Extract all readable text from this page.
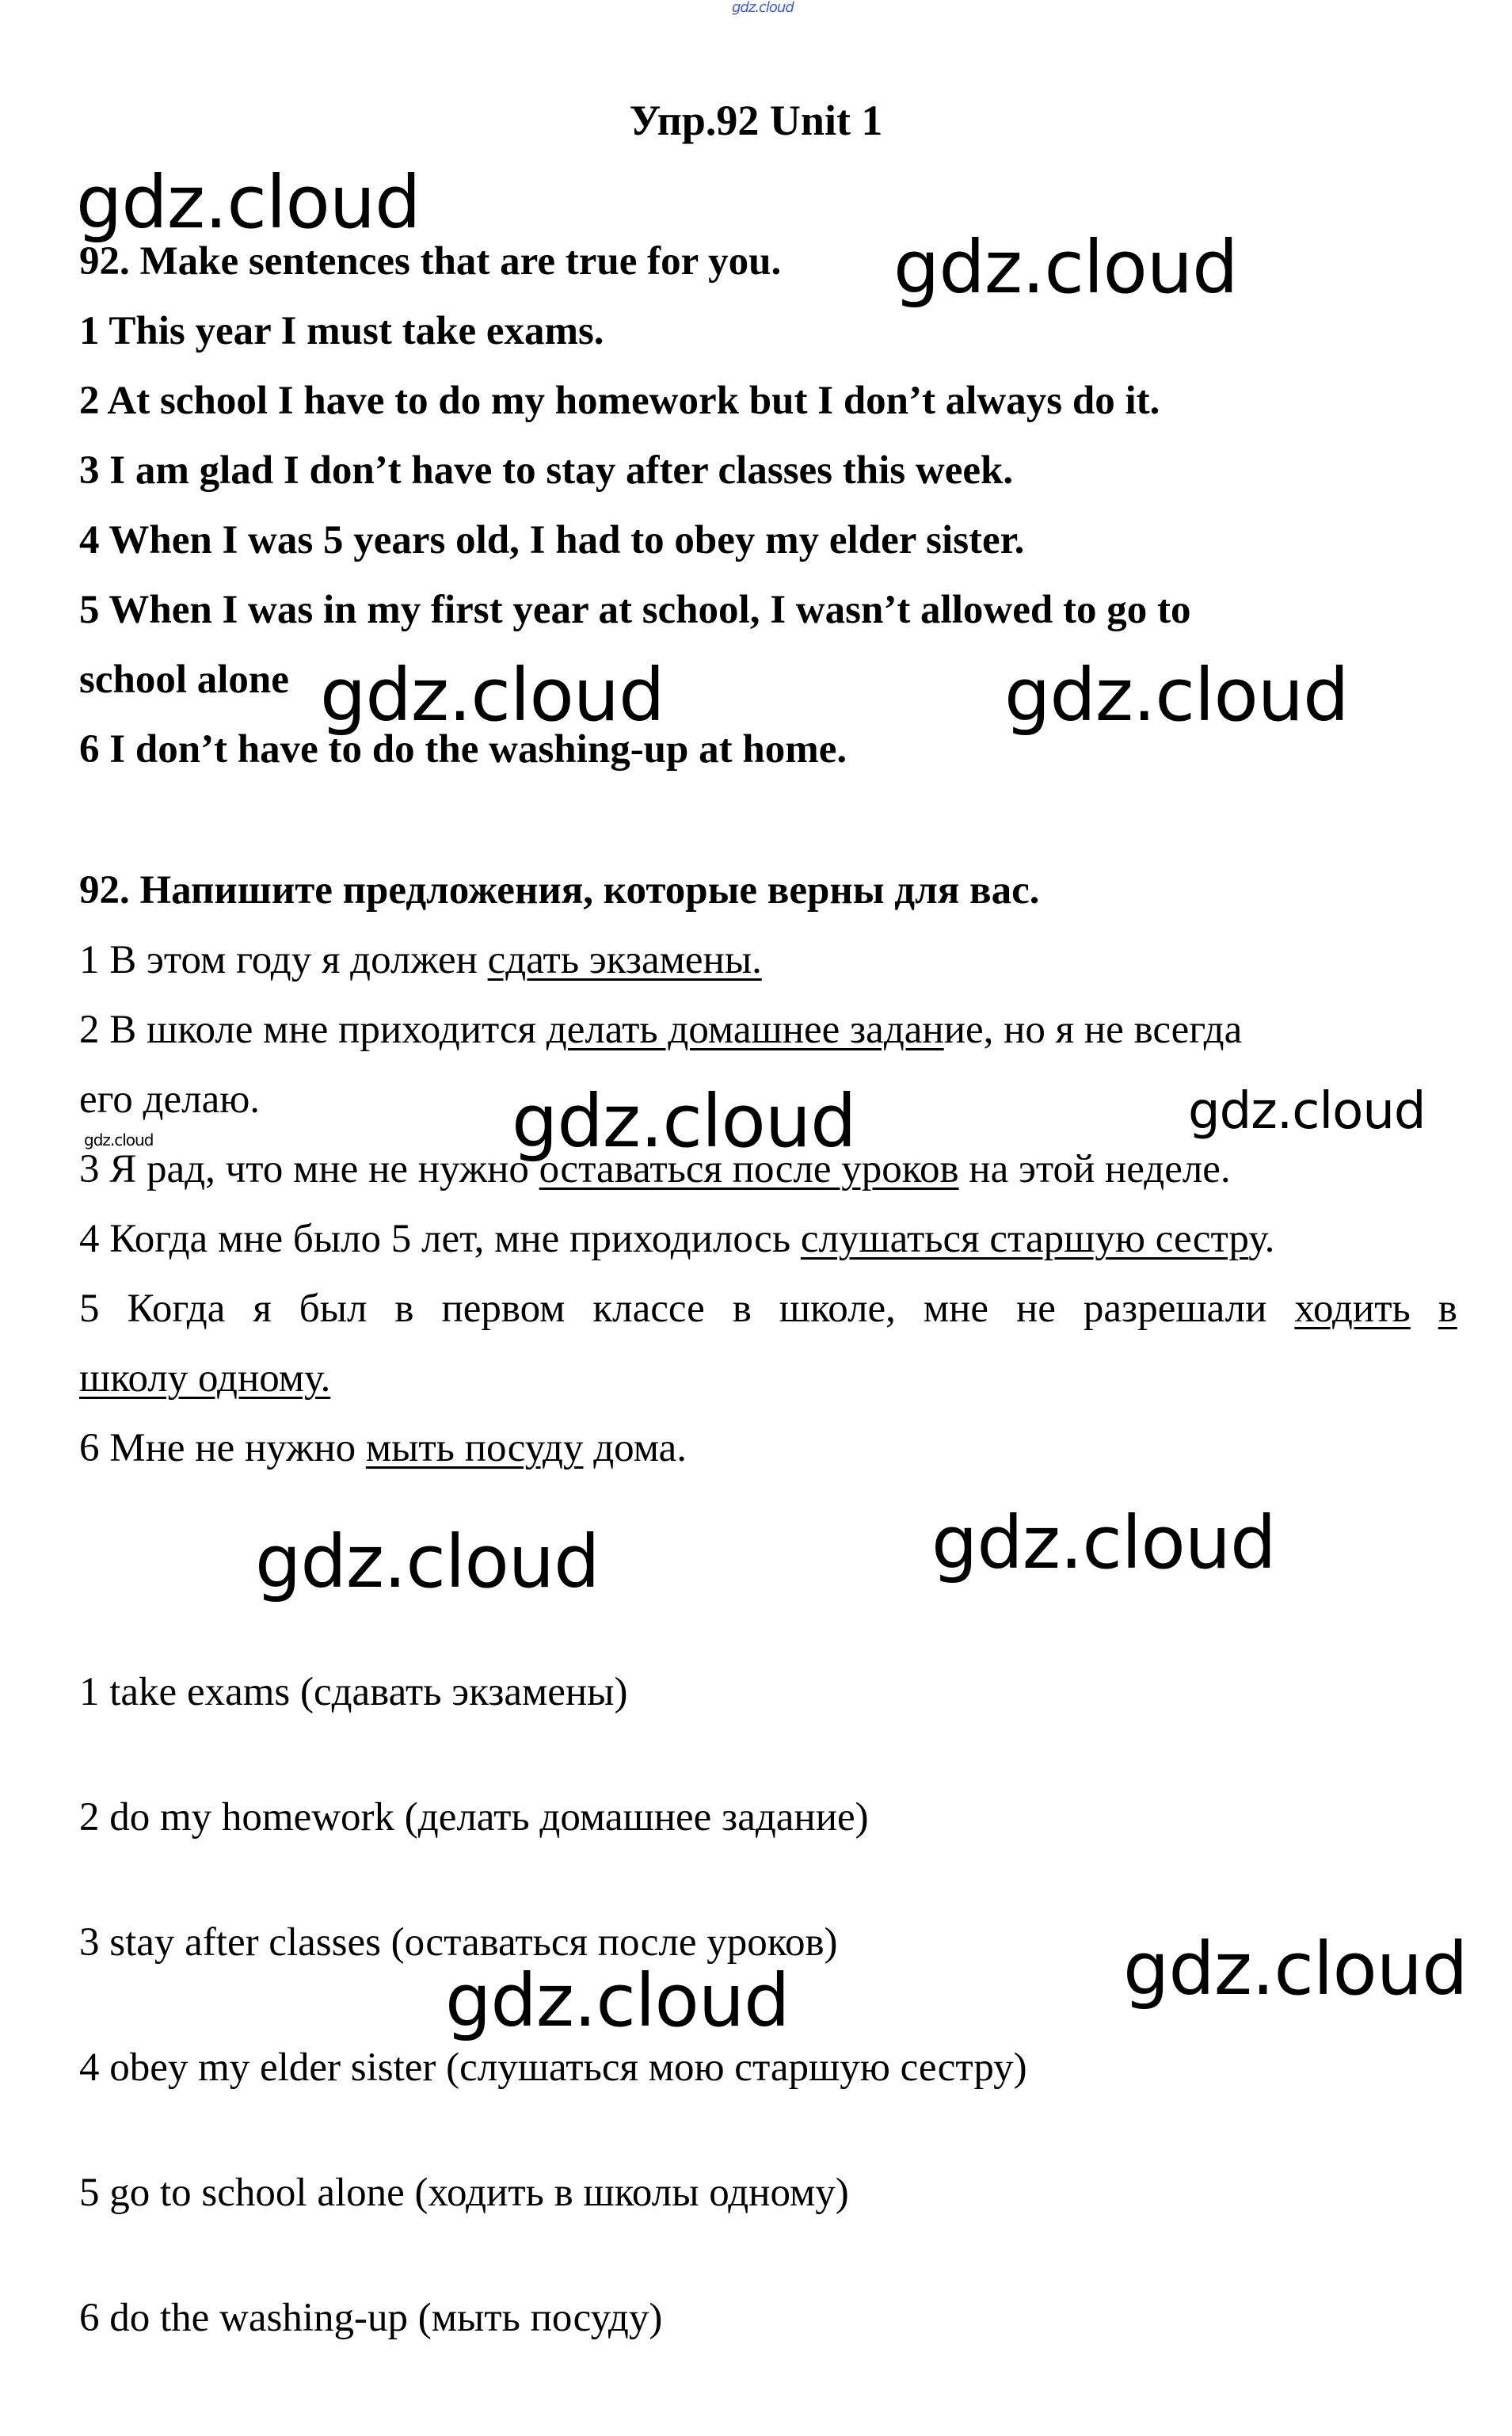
gdz.cloud
Упр.92 Unit 1
92. Make sentences that are true for you.
1 This year I must take exams.
2 At school I have to do my homework but I don’t always do it.
3 I am glad I don’t have to stay after classes this week.
4 When I was 5 years old, I had to obey my elder sister.
5 When I was in my first year at school, I wasn’t allowed to go to
school alone
6 I don’t have to do the washing-up at home.
92. Напишите предложения, которые верны для вас.
1 В этом году я должен сдать экзамены.
2 В школе мне приходится делать домашнее задание, но я не всегда
его делаю.
3 Я рад, что мне не нужно оставаться после уроков на этой неделе.
4 Когда мне было 5 лет, мне приходилось слушаться старшую сестру.
5 Когда я был в первом классе в школе, мне не разрешали ходить в
школу одному.
6 Мне не нужно мыть посуду дома.
1 take exams (сдавать экзамены)
2 do my homework (делать домашнее задание)
3 stay after classes (оставаться после уроков)
4 obey my elder sister (слушаться мою старшую сестру)
5 go to school alone (ходить в школы одному)
6 do the washing-up (мыть посуду)
gdz.cloud
gdz.cloud
gdz.cloud	gdz.cloud
gdz.cloud	gdz.cloud
gdz.cloud
gdz.cloud	gdz.cloud
gdz.cloud
gdz.cloud
